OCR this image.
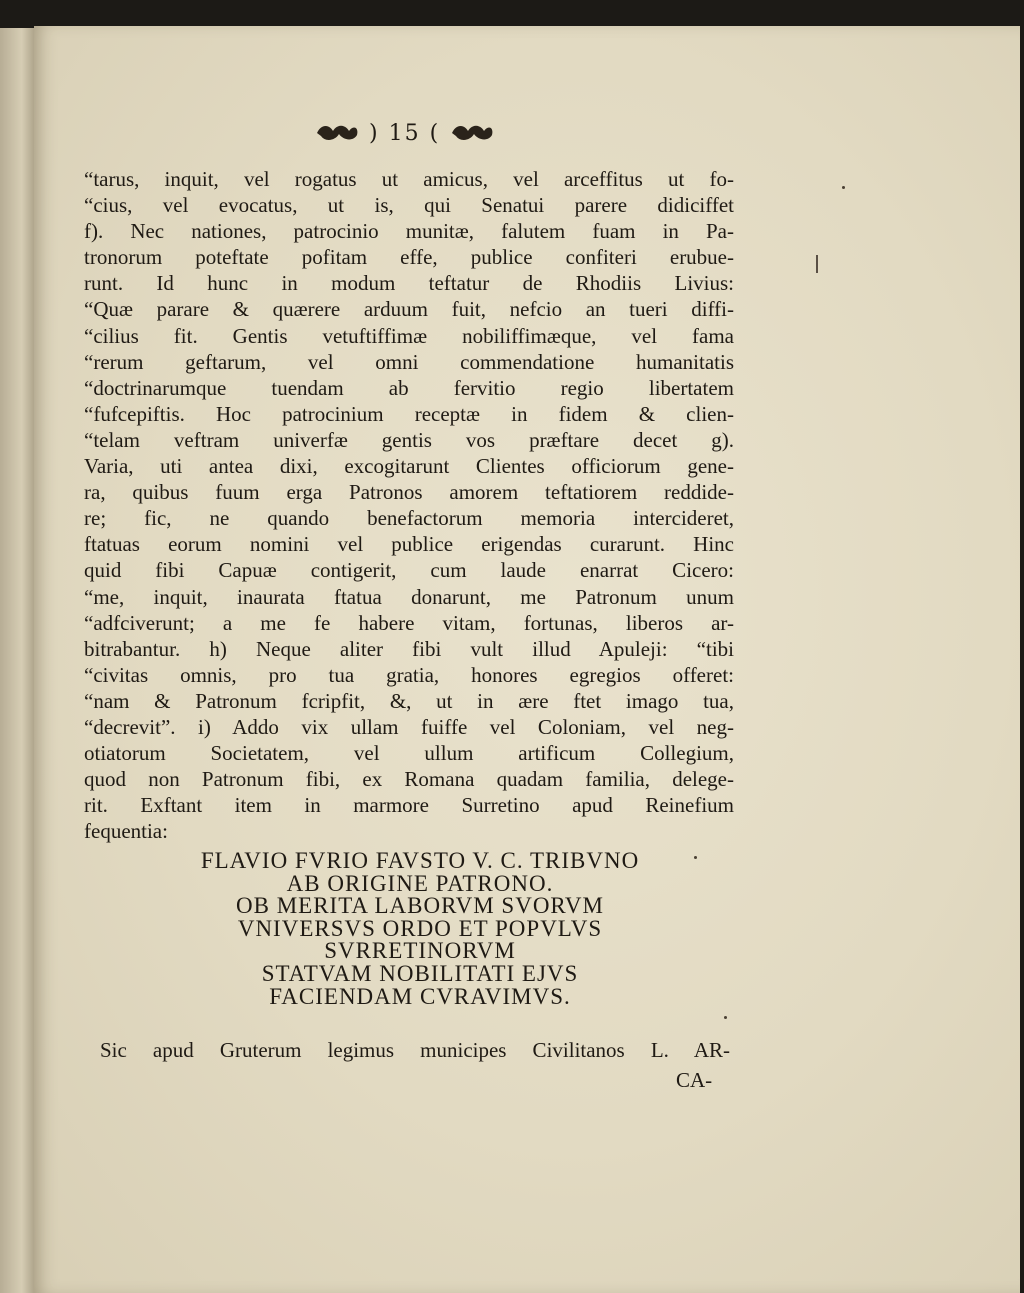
) 15 (
“tarus, inquit, vel rogatus ut amicus, vel arceffitus ut fo-
“cius, vel evocatus, ut is, qui Senatui parere didiciffet
f). Nec nationes, patrocinio munitæ, falutem fuam in Pa-
tronorum poteftate pofitam effe, publice confiteri erubue-
runt. Id hunc in modum teftatur de Rhodiis Livius:
“Quæ parare & quærere arduum fuit, nefcio an tueri diffi-
“cilius fit. Gentis vetuftiffimæ nobiliffimæque, vel fama
“rerum geftarum, vel omni commendatione humanitatis
“doctrinarumque tuendam ab fervitio regio libertatem
“fufcepiftis. Hoc patrocinium receptæ in fidem & clien-
“telam veftram univerfæ gentis vos præftare decet g).
Varia, uti antea dixi, excogitarunt Clientes officiorum gene-
ra, quibus fuum erga Patronos amorem teftatiorem reddide-
re; fic, ne quando benefactorum memoria intercideret,
ftatuas eorum nomini vel publice erigendas curarunt. Hinc
quid fibi Capuæ contigerit, cum laude enarrat Cicero:
“me, inquit, inaurata ftatua donarunt, me Patronum unum
“adfciverunt; a me fe habere vitam, fortunas, liberos ar-
bitrabantur. h) Neque aliter fibi vult illud Apuleji: “tibi
“civitas omnis, pro tua gratia, honores egregios offeret:
“nam & Patronum fcripfit, &, ut in ære ftet imago tua,
“decrevit”. i) Addo vix ullam fuiffe vel Coloniam, vel neg-
otiatorum Societatem, vel ullum artificum Collegium,
quod non Patronum fibi, ex Romana quadam familia, delege-
rit. Exftant item in marmore Surretino apud Reinefium
fequentia:
FLAVIO FVRIO FAVSTO V. C. TRIBVNO
AB ORIGINE PATRONO.
OB MERITA LABORVM SVORVM
VNIVERSVS ORDO ET POPVLVS
SVRRETINORVM
STATVAM NOBILITATI EJVS
FACIENDAM CVRAVIMVS.
Sic apud Gruterum legimus municipes Civilitanos L. AR-
CA-
